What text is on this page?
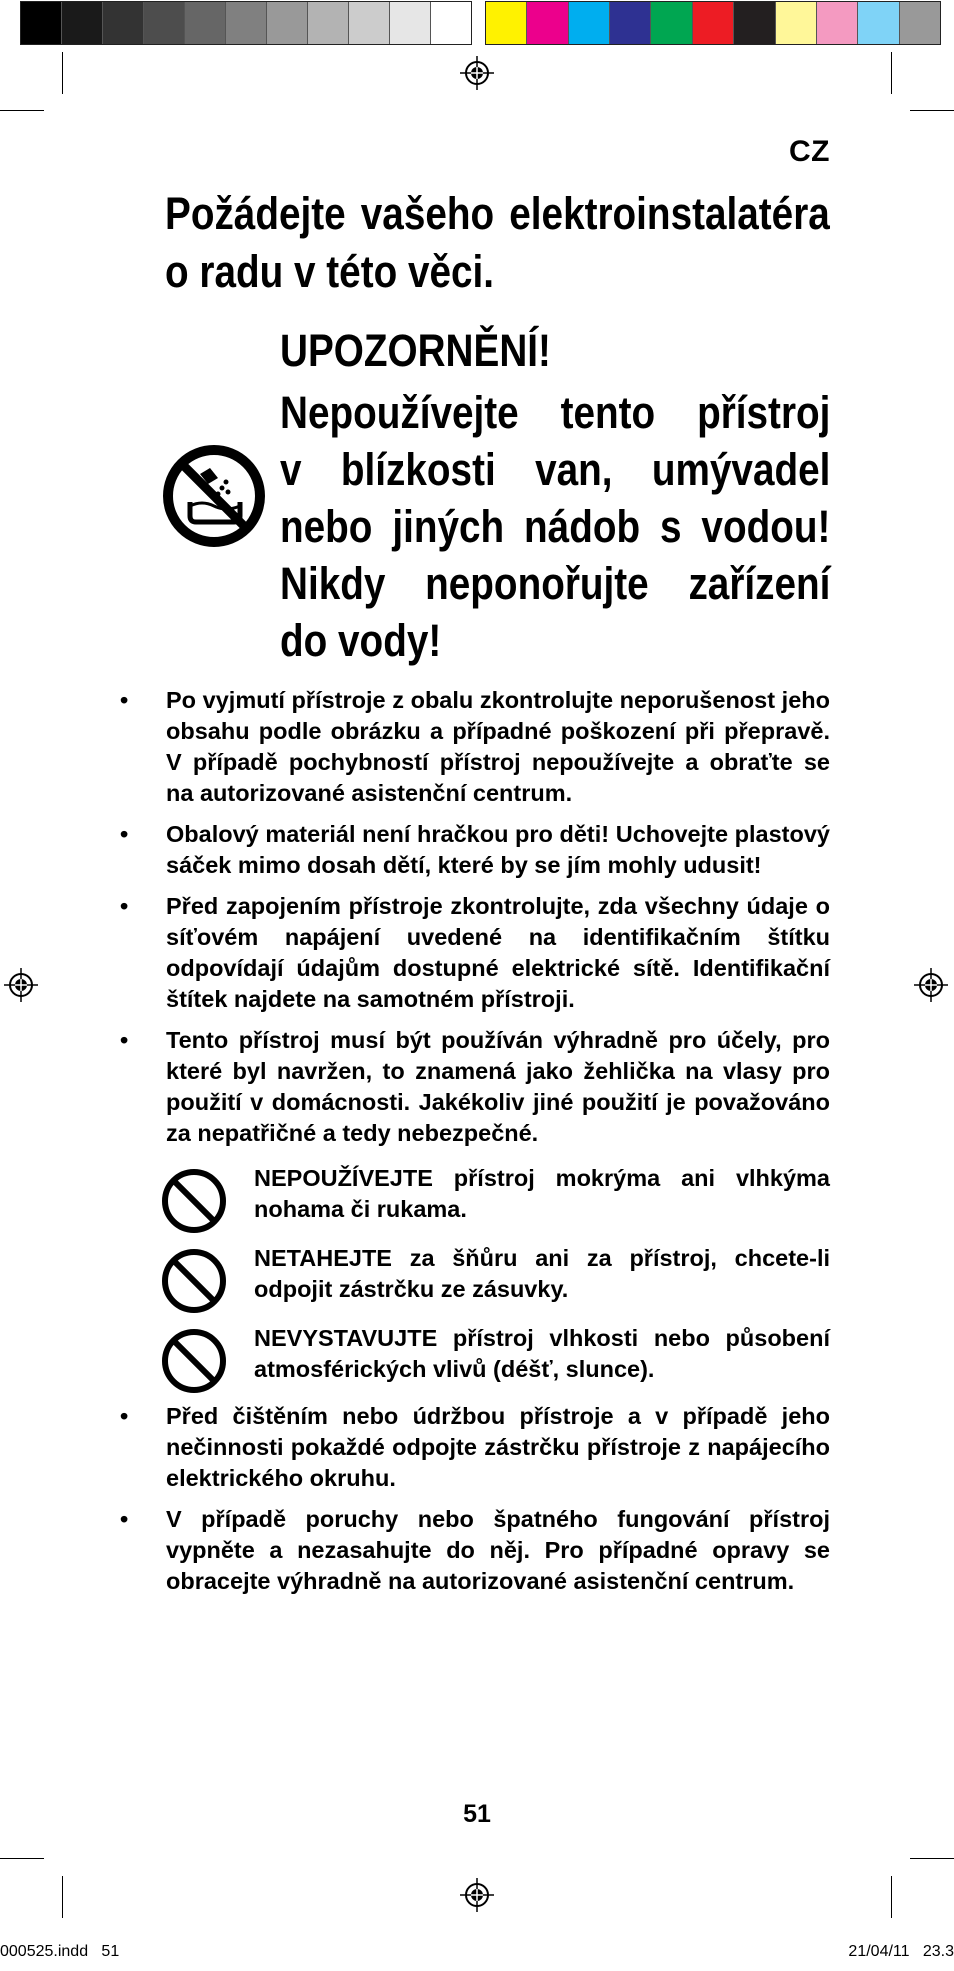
CZ
Požádejte vašeho elektroinstalatéra
o radu v této věci.
UPOZORNĚNÍ!
Nepoužívejte tento přístroj
v blízkosti van, umývadel
nebo jiných nádob s vodou!
Nikdy neponořujte zařízení
do vody!
• Po vyjmutí přístroje z obalu zkontrolujte neporušenost jeho obsahu podle obrázku a případné poškození při přepravě. V případě pochybností přístroj nepoužívejte a obraťte se na autorizované asistenční centrum.
• Obalový materiál není hračkou pro děti! Uchovejte plastový sáček mimo dosah dětí, které by se jím mohly udusit!
• Před zapojením přístroje zkontrolujte, zda všechny údaje o síťovém napájení uvedené na identifikačním štítku odpovídají údajům dostupné elektrické sítě. Identifikační štítek najdete na samotném přístroji.
• Tento přístroj musí být používán výhradně pro účely, pro které byl navržen, to znamená jako žehlička na vlasy pro použití v domácnosti. Jakékoliv jiné použití je považováno za nepatřičné a tedy nebezpečné.
NEPOUŽÍVEJTE přístroj mokrýma ani vlhkýma nohama či rukama.
NETAHEJTE za šňůru ani za přístroj, chcete-li odpojit zástrčku ze zásuvky.
NEVYSTAVUJTE přístroj vlhkosti nebo působení atmosférických vlivů (déšť, slunce).
• Před čištěním nebo údržbou přístroje a v případě jeho nečinnosti pokaždé odpojte zástrčku přístroje z napájecího elektrického okruhu.
• V případě poruchy nebo špatného fungování přístroj vypněte a nezasahujte do něj. Pro případné opravy se obracejte výhradně na autorizované asistenční centrum.
51
000525.indd   51	21/04/11   23.3
